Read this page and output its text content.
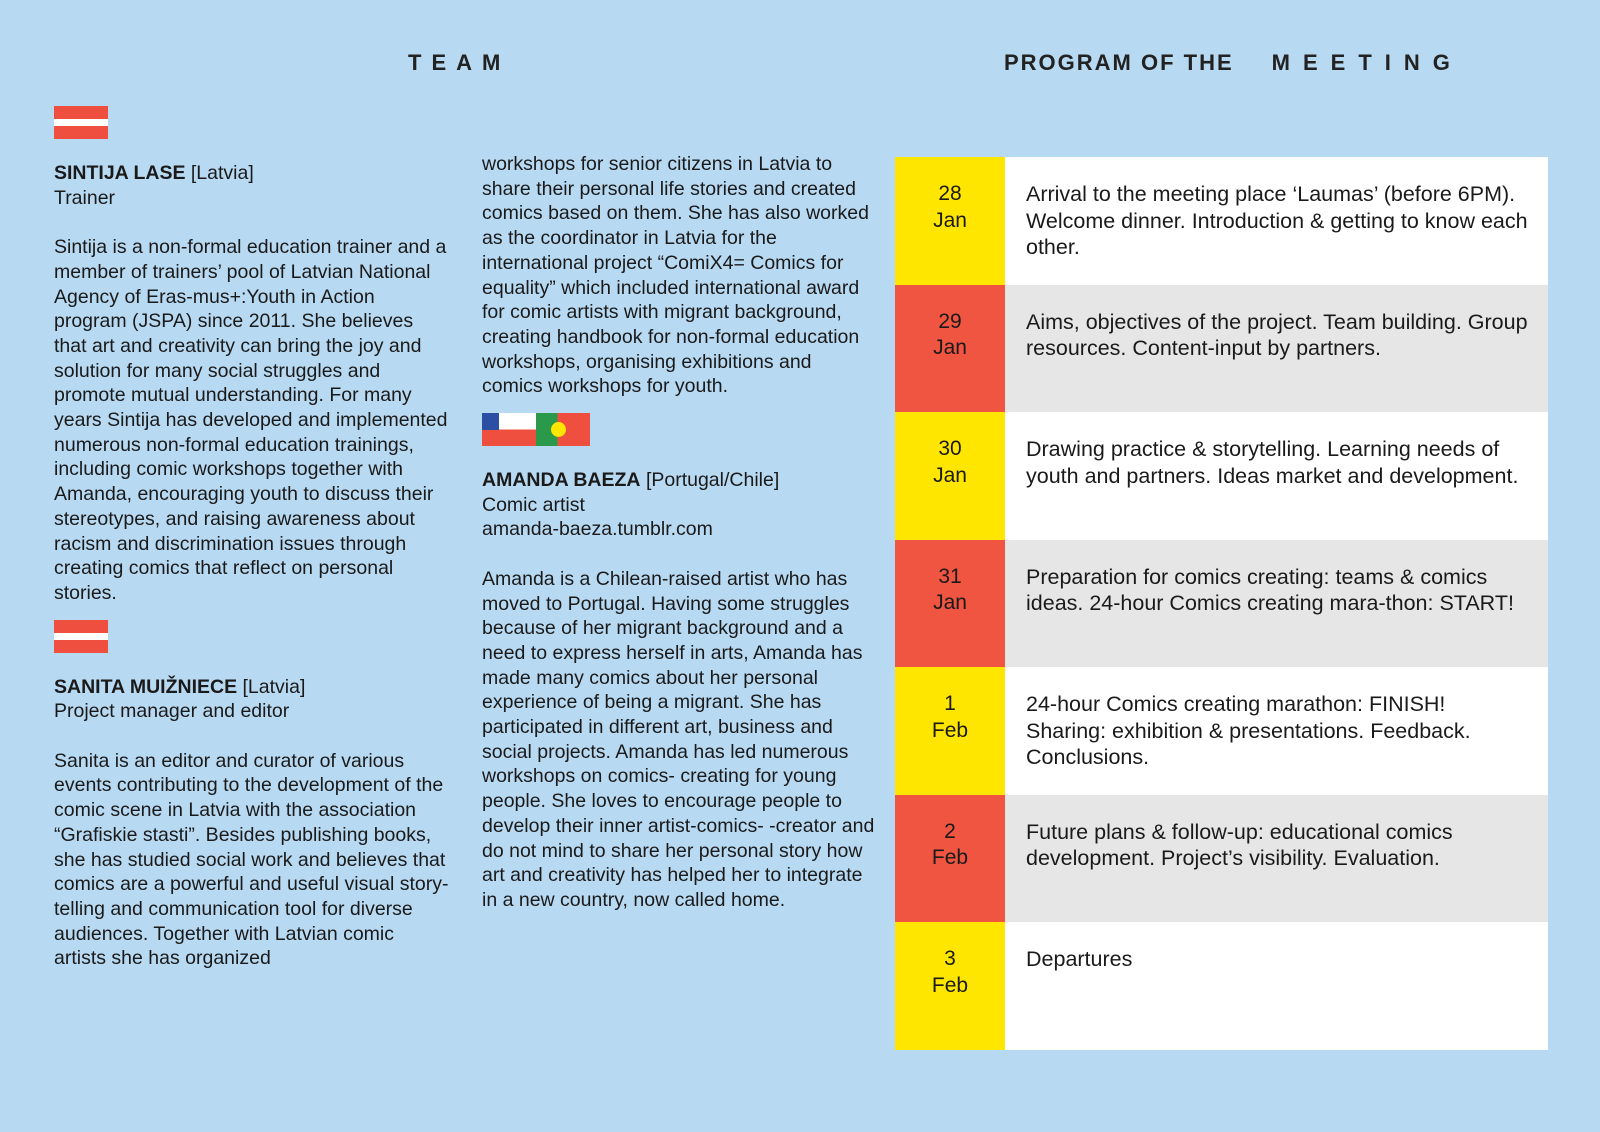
TEAM	PROGRAM OF THE MEETING

SINTIJA LASE [Latvia]

Trainer

Sintija is a non-formal education trainer and a member of trainers’ pool of Latvian National Agency of Eras-mus+:Youth in Action program (JSPA) since 2011. She believes that art and creativity can bring the joy and solution for many social struggles and promote mutual understanding. For many years Sintija has developed and implemented numerous non-formal education trainings, including comic workshops together with Amanda, encouraging youth to discuss their stereotypes, and raising awareness about racism and discrimination issues through creating comics that reflect on personal stories.

SANITA MUIŽNIECE [Latvia]

Project manager and editor

Sanita is an editor and curator of various events contributing to the development of the comic scene in Latvia with the association “Grafiskie stasti”. Besides publishing books, she has studied social work and believes that comics are a powerful and useful visual story-telling and communication tool for diverse audiences. Together with Latvian comic artists she has organized

workshops for senior citizens in Latvia to share their personal life stories and created comics based on them. She has also worked as the coordinator in Latvia for the international project “ComiX4= Comics for equality” which included international award for comic artists with migrant background, creating handbook for non-formal education workshops, organising exhibitions and comics workshops for youth.

AMANDA BAEZA [Portugal/Chile]

Comic artist

amanda-baeza.tumblr.com

Amanda is a Chilean-raised artist who has moved to Portugal. Having some struggles because of her migrant background and a need to express herself in arts, Amanda has made many comics about her personal experience of being a migrant. She has participated in different art, business and social projects. Amanda has led numerous workshops on comics- creating for young people. She loves to encourage people to develop their inner artist-comics- -creator and do not mind to share her personal story how art and creativity has helped her to integrate in a new country, now called home.

28
Jan
Arrival to the meeting place ‘Laumas’ (before 6PM). Welcome dinner. Introduction & getting to know each other.
29
Jan
Aims, objectives of the project. Team building. Group resources. Content-input by partners.
30
Jan
Drawing practice & storytelling. Learning needs of youth and partners. Ideas market and development.
31
Jan
Preparation for comics creating: teams & comics ideas. 24-hour Comics creating mara-thon: START!
1
Feb
24-hour Comics creating marathon: FINISH! Sharing: exhibition & presentations. Feedback. Conclusions.
2
Feb
Future plans & follow-up: educational comics development. Project’s visibility. Evaluation.
3
Feb
Departures
